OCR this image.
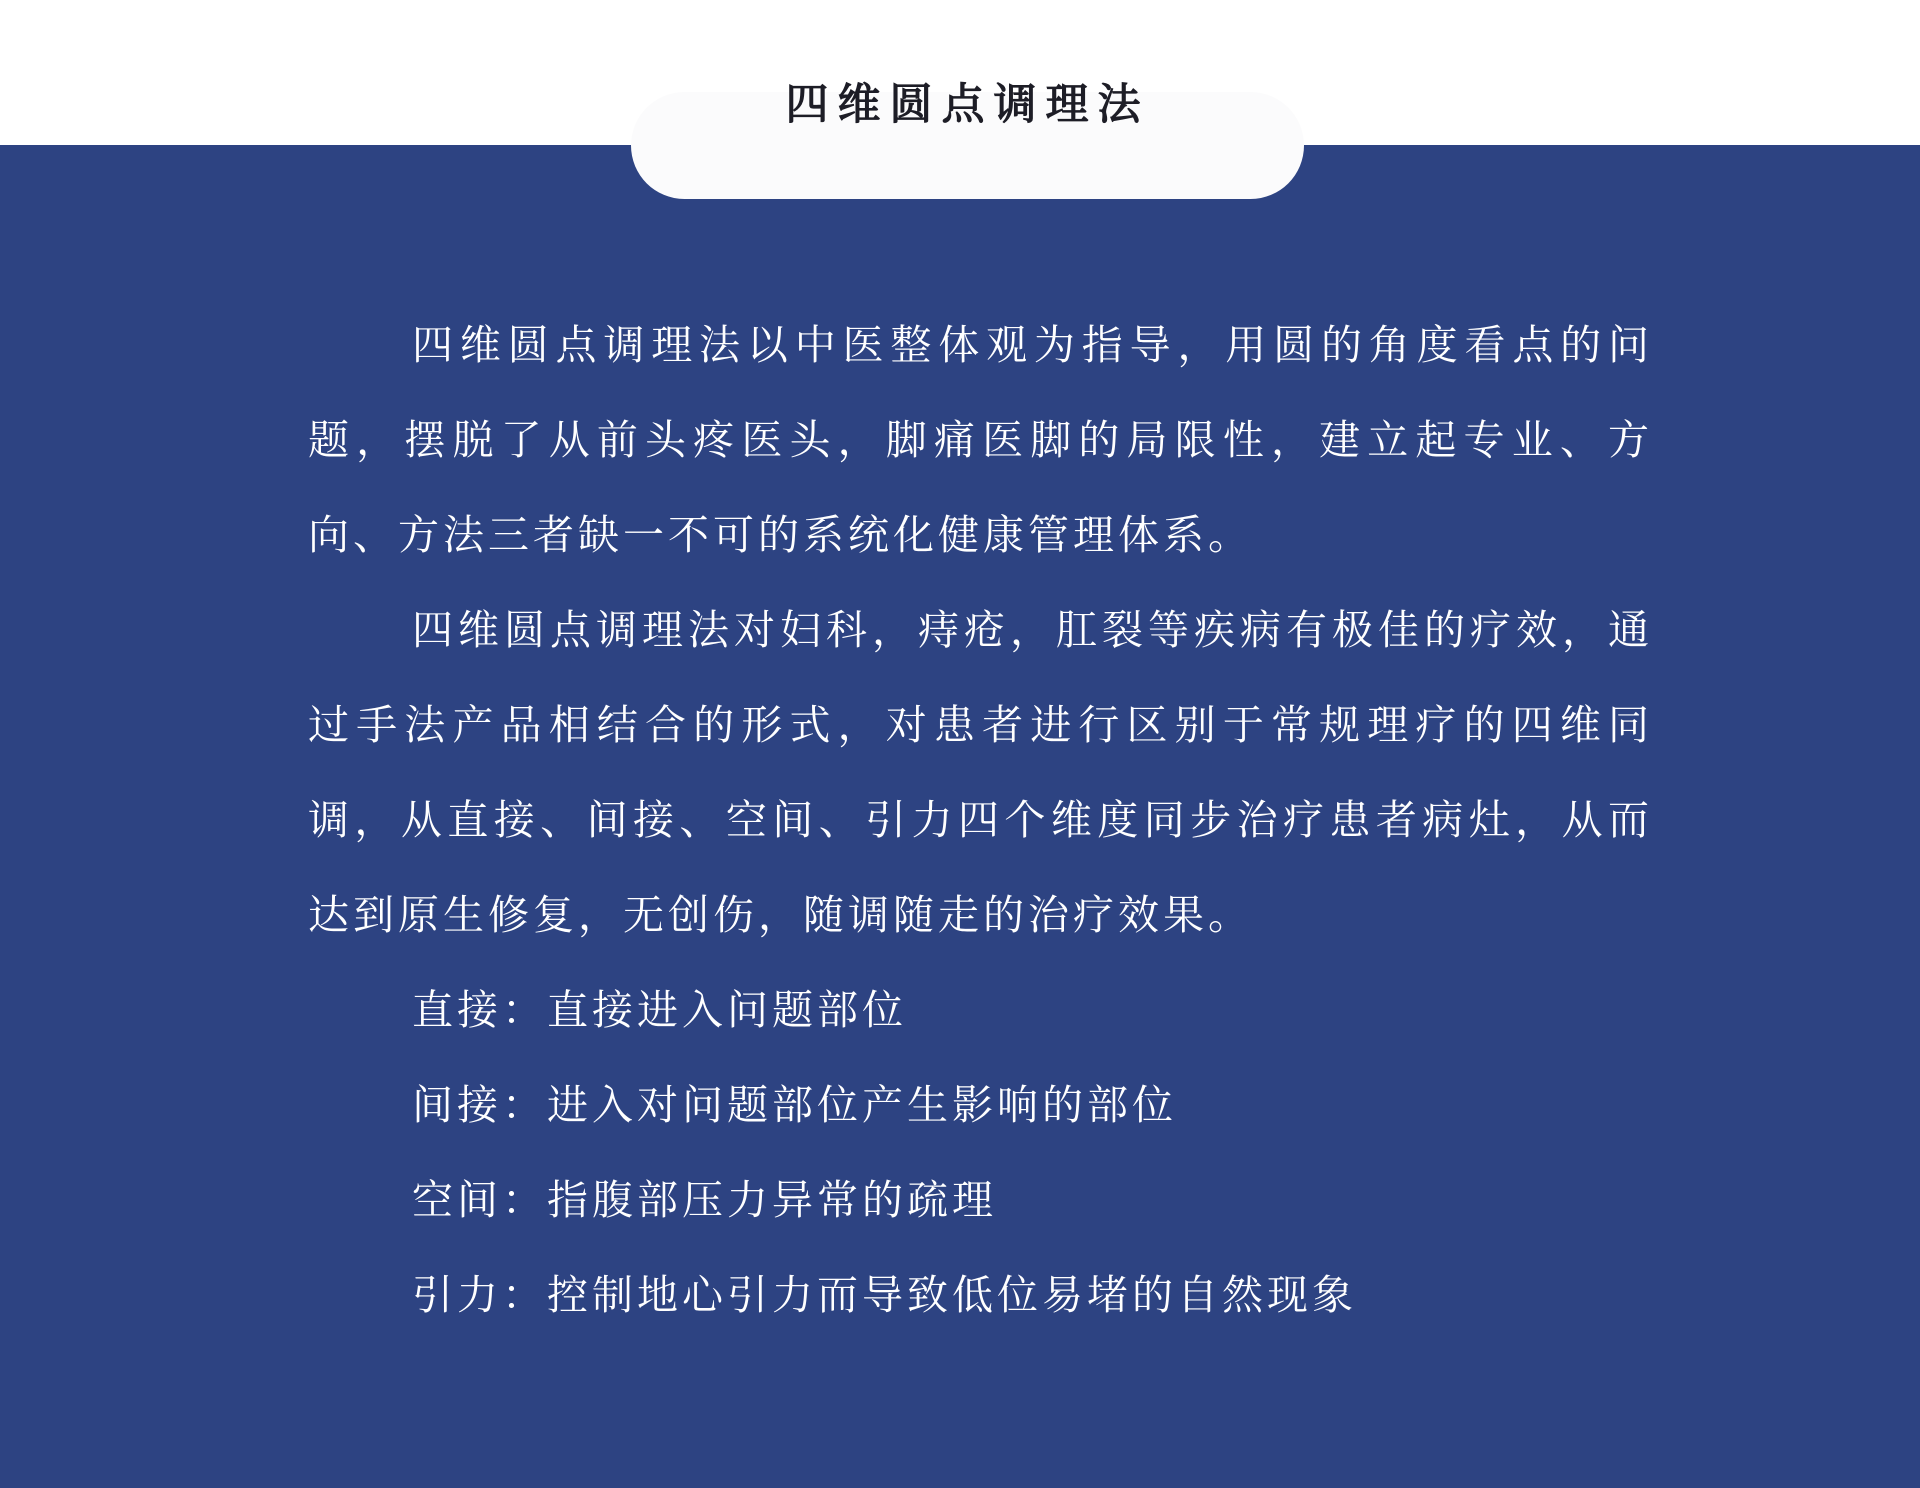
四维圆点调理法

四维圆点调理法以中医整体观为指导，用圆的角度看点的问题，摆脱了从前头疼医头，脚痛医脚的局限性，建立起专业、方向、方法三者缺一不可的系统化健康管理体系。

四维圆点调理法对妇科，痔疮，肛裂等疾病有极佳的疗效，通过手法产品相结合的形式，对患者进行区别于常规理疗的四维同调，从直接、间接、空间、引力四个维度同步治疗患者病灶，从而达到原生修复，无创伤，随调随走的治疗效果。

直接：直接进入问题部位

间接：进入对问题部位产生影响的部位

空间：指腹部压力异常的疏理

引力：控制地心引力而导致低位易堵的自然现象
